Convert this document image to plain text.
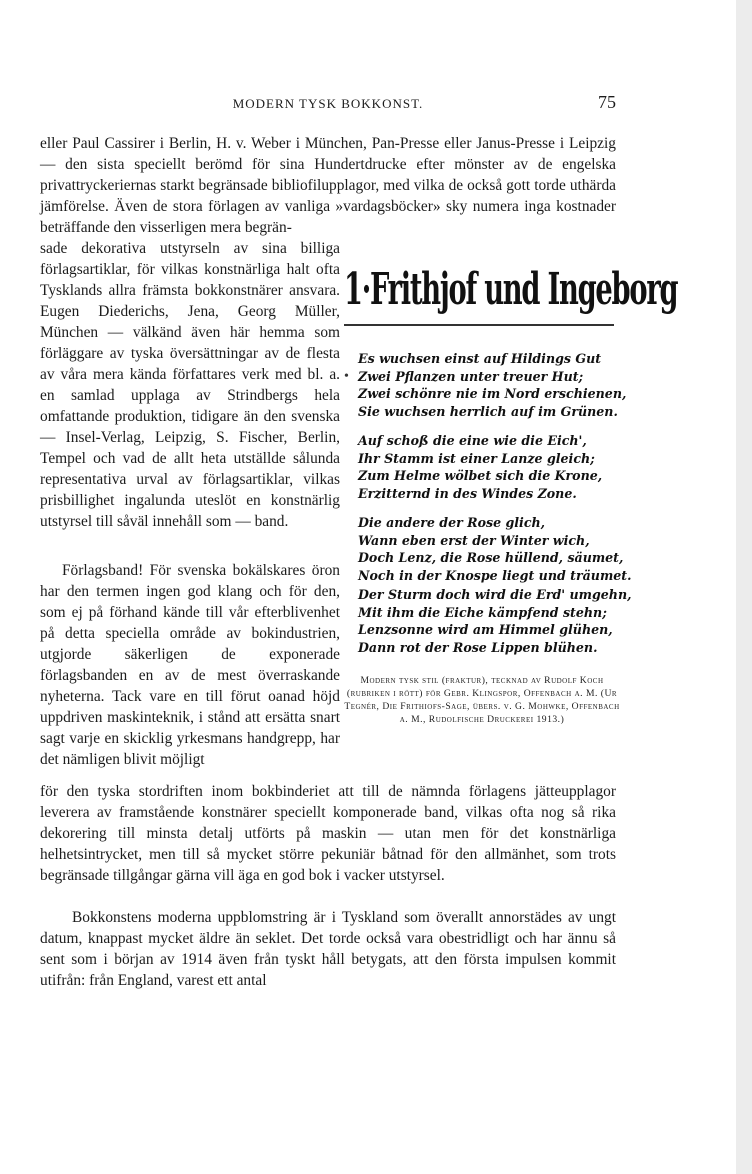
MODERN TYSK BOKKONST.	75

eller Paul Cassirer i Berlin, H. v. Weber i München, Pan-Presse eller Janus-Presse i Leipzig — den sista speciellt berömd för sina Hundertdrucke efter mönster av de engelska privattryckeriernas starkt begränsade bibliofilupplagor, med vilka de också gott torde uthärda jämförelse. Även de stora förlagen av vanliga »vardagsböcker» sky numera inga kostnader beträffande den visserligen mera begrän-

sade dekorativa utstyrseln av sina billiga förlagsartiklar, för vilkas konstnärliga halt ofta Tysklands allra främsta bokkonstnärer ansvara. Eugen Diederichs, Jena, Georg Müller, München — välkänd även här hemma som förläggare av tyska översättningar av de flesta av våra mera kända författares verk med bl. a. en samlad upplaga av Strindbergs hela omfattande produktion, tidigare än den svenska — Insel-Verlag, Leipzig, S. Fischer, Berlin, Tempel och vad de allt heta utställde sålunda representativa urval av förlagsartiklar, vilkas prisbillighet ingalunda uteslöt en konstnärlig utstyrsel till såväl innehåll som — band.

Förlagsband! För svenska bokälskares öron har den termen ingen god klang och för den, som ej på förhand kände till vår efterblivenhet på detta speciella område av bokindustrien, utgjorde säkerligen de exponerade förlagsbanden en av de mest överraskande nyheterna. Tack vare en till förut oanad höjd uppdriven maskinteknik, i stånd att ersätta snart sagt varje en skicklig yrkesmans handgrepp, har det nämligen blivit möjligt

1·Frithjof und Ingeborg
•
Es wuchsen einst auf Hildings Gut
Zwei Pflanzen unter treuer Hut;
Zwei schönre nie im Nord erschienen,
Sie wuchsen herrlich auf im Grünen.
Auf schoß die eine wie die Eich',
Ihr Stamm ist einer Lanze gleich;
Zum Helme wölbet sich die Krone,
Erzitternd in des Windes Zone.
Die andere der Rose glich,
Wann eben erst der Winter wich,
Doch Lenz, die Rose hüllend, säumet,
Noch in der Knospe liegt und träumet.
Der Sturm doch wird die Erd' umgehn,
Mit ihm die Eiche kämpfend stehn;
Lenzsonne wird am Himmel glühen,
Dann rot der Rose Lippen blühen.
Modern tysk stil (fraktur), tecknad av Rudolf Koch (rubriken i rött) för Gebr. Klingspor, Offenbach a. M. (Ur Tegnér, Die Frithiofs-Sage, übers. v. G. Mohwke, Offenbach a. M., Rudolfische Druckerei 1913.)

för den tyska stordriften inom bokbinderiet att till de nämnda förlagens jätteupplagor leverera av framstående konstnärer speciellt komponerade band, vilkas ofta nog så rika dekorering till minsta detalj utförts på maskin — utan men för det konstnärliga helhetsintrycket, men till så mycket större pekuniär båtnad för den allmänhet, som trots begränsade tillgångar gärna vill äga en god bok i vacker utstyrsel.

Bokkonstens moderna uppblomstring är i Tyskland som överallt annorstädes av ungt datum, knappast mycket äldre än seklet. Det torde också vara obestridligt och har ännu så sent som i början av 1914 även från tyskt håll betygats, att den första impulsen kommit utifrån: från England, varest ett antal
